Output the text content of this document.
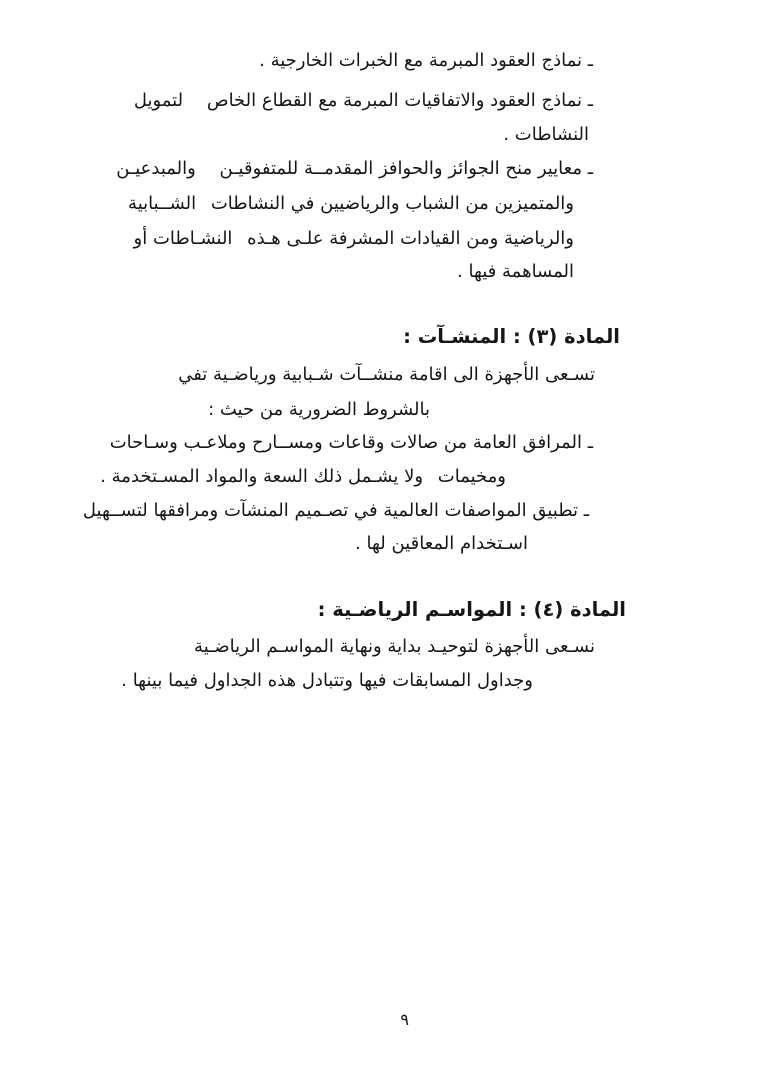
ـ نماذج العقود المبرمة مع الخبرات الخارجية .
ـ نماذج العقود والاتفاقيات المبرمة مع القطاع الخاص  لتمويل
النشاطات .
ـ معايير منح الجوائز والحوافز المقدمــة للمتفوقيـن  والمبدعيـن
والمتميزين من الشباب والرياضيين في النشاطات  الشــبابية
والرياضية ومن القيادات المشرفة علـى هـذه  النشـاطات أو
المساهمة فيها .
المادة (٣) : المنشـآت :
تسـعى الأجهزة الى اقامة منشــآت شـبابية ورياضـية تفي
بالشروط الضرورية من حيث :
ـ المرافق العامة من صالات وقاعات ومســارح وملاعـب وسـاحات
ومخيمات  ولا يشـمل ذلك السعة والمواد المسـتخدمة .
ـ تطبيق المواصفات العالمية في تصـميم المنشآت ومرافقها لتســهيل
اسـتخدام المعاقين لها .
المادة (٤) : المواسـم الرياضـية :
نسـعى الأجهزة لتوحيـد بداية ونهاية المواسـم الرياضـية
وجداول المسابقات فيها وتتبادل هذه الجداول فيما بينها .
٩
